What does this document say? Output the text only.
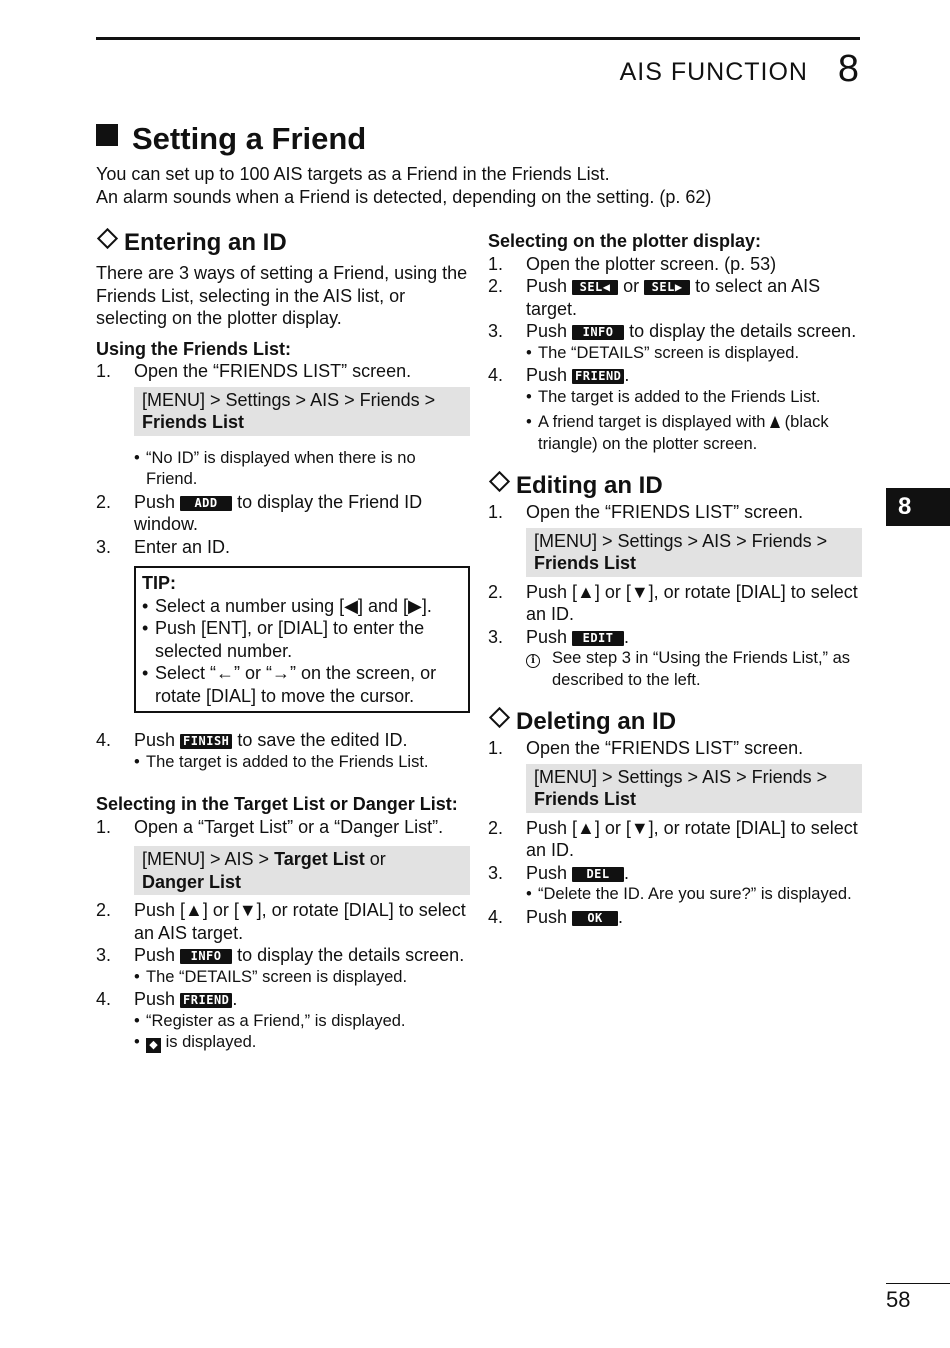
AIS FUNCTION 8
Setting a Friend

You can set up to 100 AIS targets as a Friend in the Friends List.

An alarm sounds when a Friend is detected, depending on the setting. (p. 62)

Entering an ID

There are 3 ways of setting a Friend, using the Friends List, selecting in the AIS list, or selecting on the plotter display.

Using the Friends List:

1.	Open the “FRIENDS LIST” screen.
[MENU] > Settings > AIS > Friends >
Friends List
• “No ID” is displayed when there is no Friend.
2.	Push ADD to display the Friend ID window.
3.	Enter an ID.
TIP:
• Select a number using [◀] and [▶].
• Push [ENT], or [DIAL] to enter the selected number.
• Select “←” or “→” on the screen, or rotate [DIAL] to move the cursor.
4.	Push FINISH to save the edited ID.
• The target is added to the Friends List.

Selecting in the Target List or Danger List:

1.	Open a “Target List” or a “Danger List”.
[MENU] > AIS > Target List or
Danger List
2.	Push [▲] or [▼], or rotate [DIAL] to select an AIS target.
3.	Push INFO to display the details screen.
• The “DETAILS” screen is displayed.
4.	Push FRIEND .
• “Register as a Friend,” is displayed.
• ◆ is displayed.

Selecting on the plotter display:

1.	Open the plotter screen. (p. 53)
2.	Push SEL◀ or SEL▶ to select an AIS target.
3.	Push INFO to display the details screen.
• The “DETAILS” screen is displayed.
4.	Push FRIEND .
• The target is added to the Friends List.
• A friend target is displayed with (black triangle) on the plotter screen.
Editing an ID
1.	Open the “FRIENDS LIST” screen.
[MENU] > Settings > AIS > Friends >
Friends List
2.	Push [▲] or [▼], or rotate [DIAL] to select an ID.
3.	Push EDIT .
i	See step 3 in “Using the Friends List,” as described to the left.
Deleting an ID
1.	Open the “FRIENDS LIST” screen.
[MENU] > Settings > AIS > Friends >
Friends List
2.	Push [▲] or [▼], or rotate [DIAL] to select an ID.
3.	Push DEL .
• “Delete the ID. Are you sure?” is displayed.
4.	Push OK .
8
58
